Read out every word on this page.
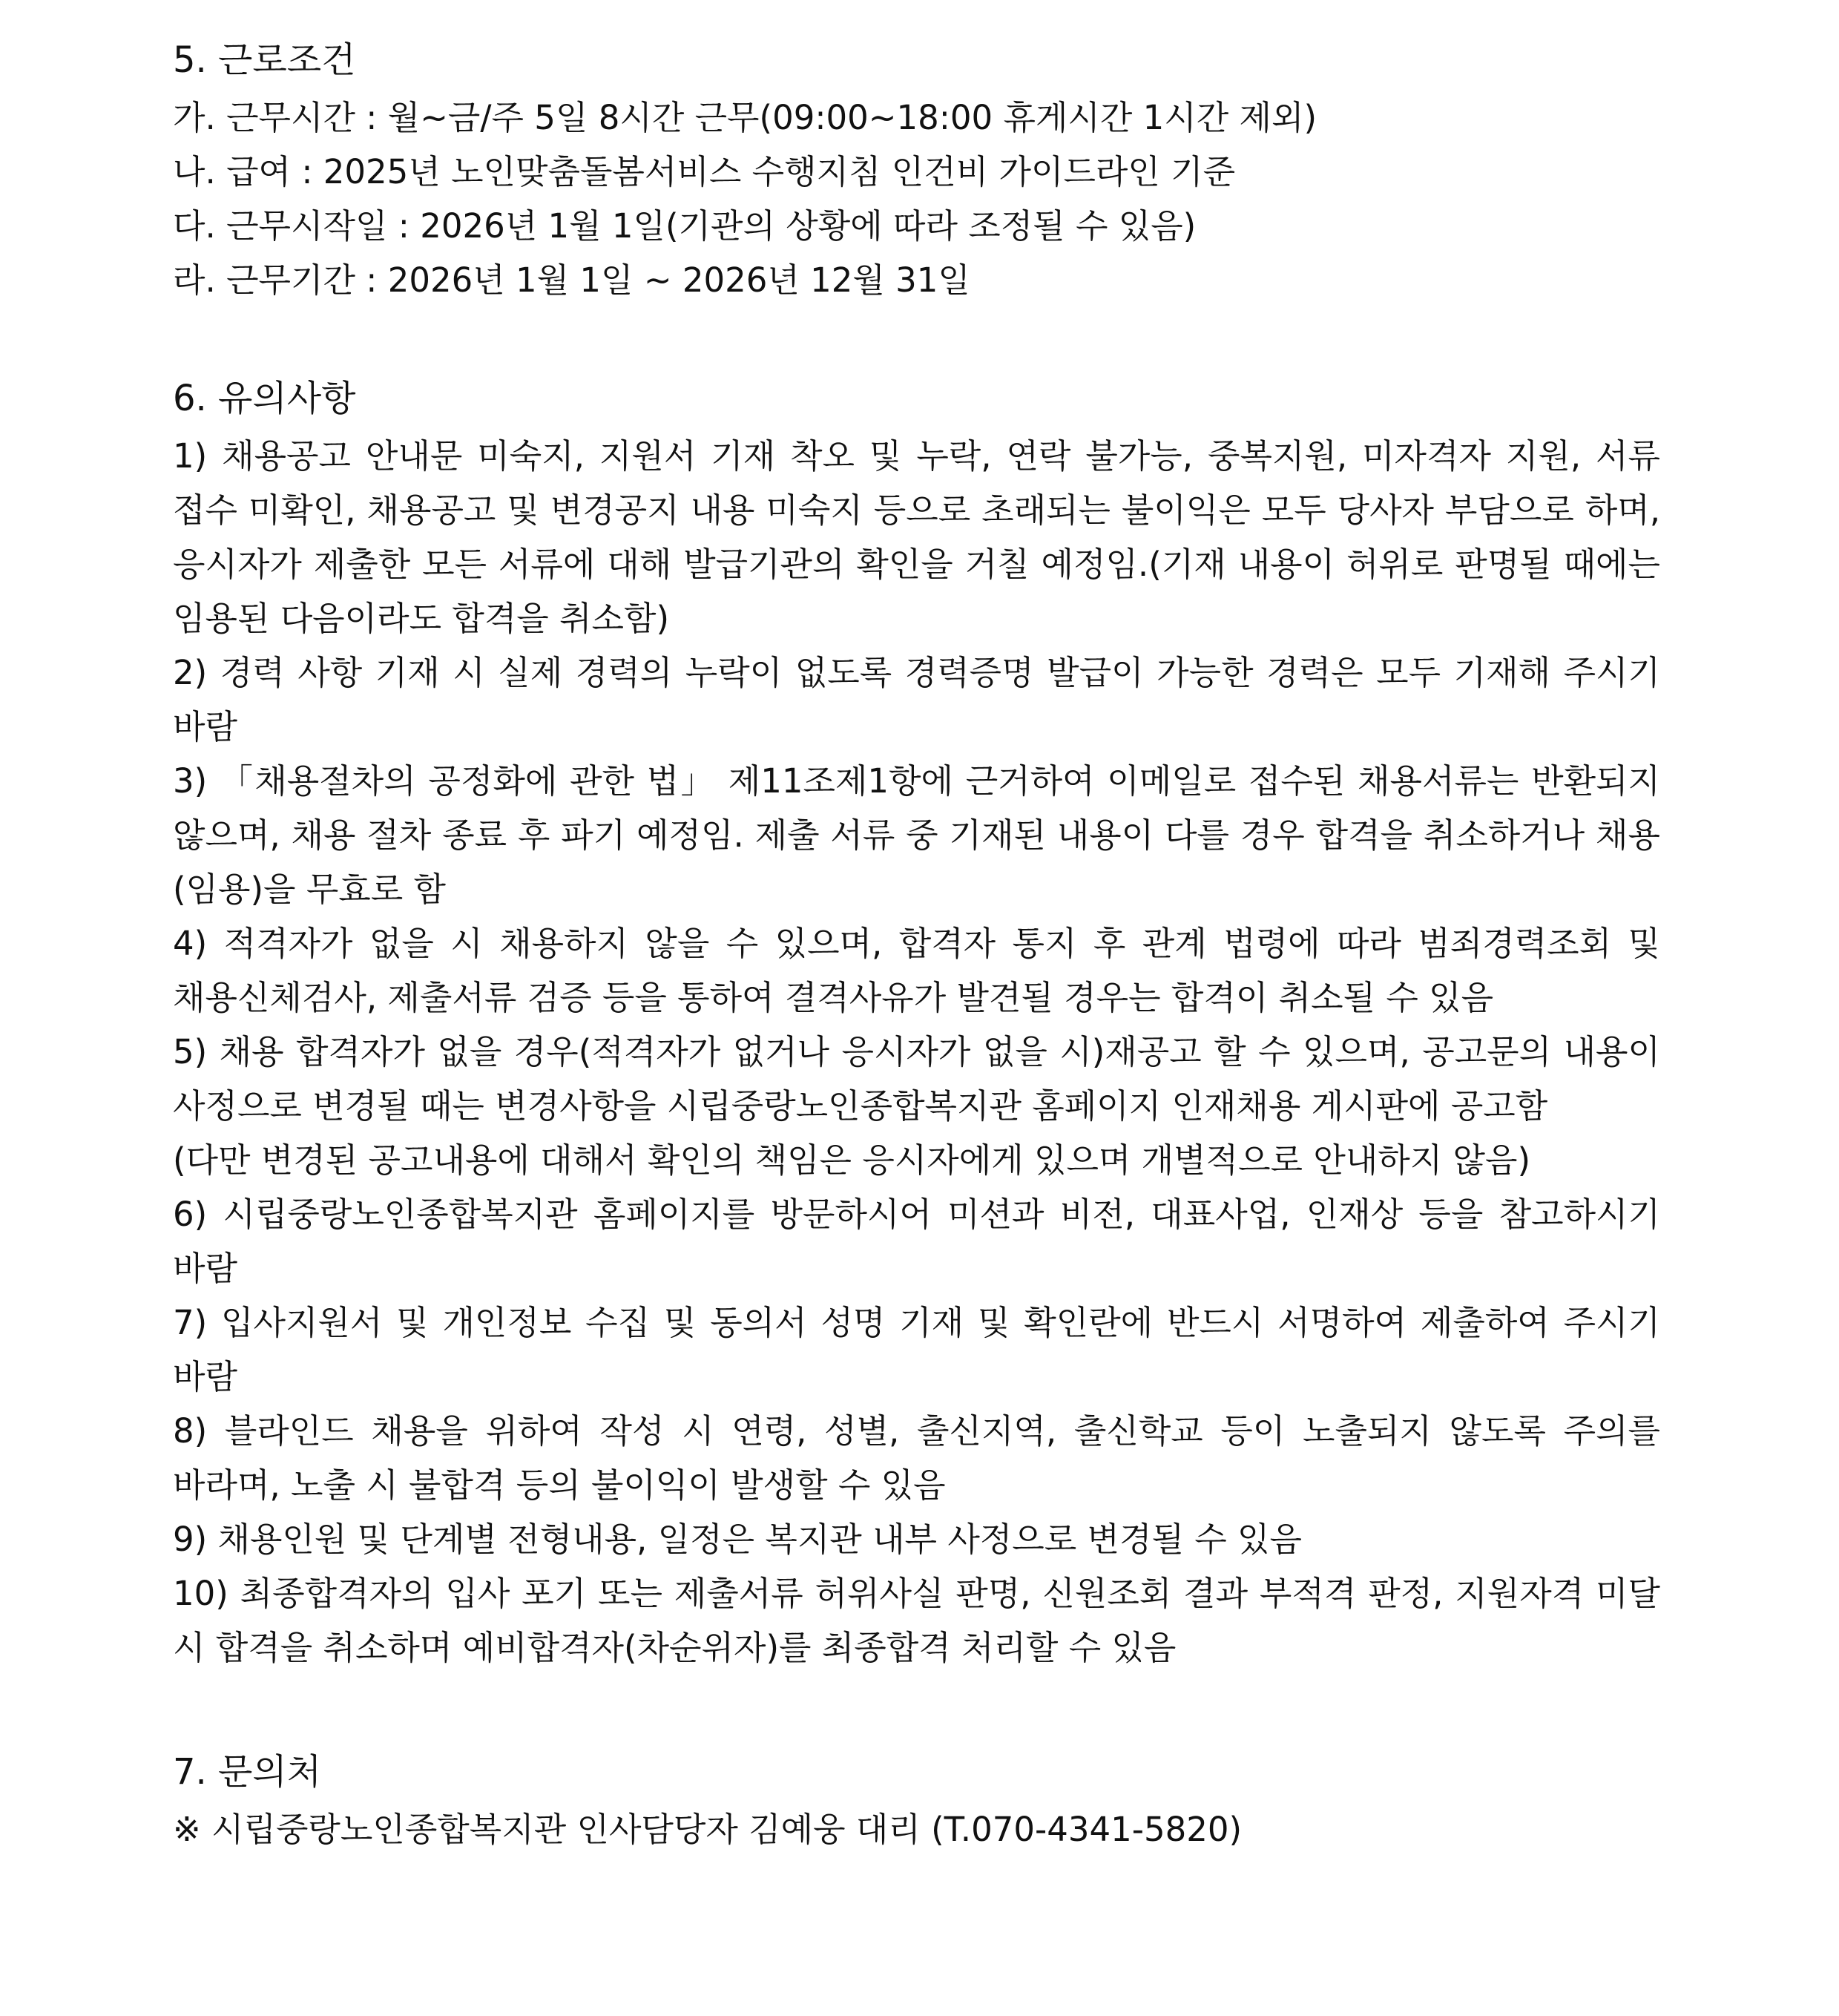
5. 근로조건
가. 근무시간 : 월~금/주 5일 8시간 근무(09:00~18:00 휴게시간 1시간 제외)
나. 급여 : 2025년 노인맞춤돌봄서비스 수행지침 인건비 가이드라인 기준
다. 근무시작일 : 2026년 1월 1일(기관의 상황에 따라 조정될 수 있음)
라. 근무기간 : 2026년 1월 1일 ~ 2026년 12월 31일
6. 유의사항

1) 채용공고 안내문 미숙지, 지원서 기재 착오 및 누락, 연락 불가능, 중복지원, 미자격자 지원, 서류 접수 미확인, 채용공고 및 변경공지 내용 미숙지 등으로 초래되는 불이익은 모두 당사자 부담으로 하며, 응시자가 제출한 모든 서류에 대해 발급기관의 확인을 거칠 예정임.(기재 내용이 허위로 판명될 때에는 임용된 다음이라도 합격을 취소함)

2) 경력 사항 기재 시 실제 경력의 누락이 없도록 경력증명 발급이 가능한 경력은 모두 기재해 주시기 바람

3) 「채용절차의 공정화에 관한 법」 제11조제1항에 근거하여 이메일로 접수된 채용서류는 반환되지 않으며, 채용 절차 종료 후 파기 예정임. 제출 서류 중 기재된 내용이 다를 경우 합격을 취소하거나 채용(임용)을 무효로 함

4) 적격자가 없을 시 채용하지 않을 수 있으며, 합격자 통지 후 관계 법령에 따라 범죄경력조회 및 채용신체검사, 제출서류 검증 등을 통하여 결격사유가 발견될 경우는 합격이 취소될 수 있음

5) 채용 합격자가 없을 경우(적격자가 없거나 응시자가 없을 시)재공고 할 수 있으며, 공고문의 내용이 사정으로 변경될 때는 변경사항을 시립중랑노인종합복지관 홈페이지 인재채용 게시판에 공고함

(다만 변경된 공고내용에 대해서 확인의 책임은 응시자에게 있으며 개별적으로 안내하지 않음)

6) 시립중랑노인종합복지관 홈페이지를 방문하시어 미션과 비전, 대표사업, 인재상 등을 참고하시기 바람

7) 입사지원서 및 개인정보 수집 및 동의서 성명 기재 및 확인란에 반드시 서명하여 제출하여 주시기 바람

8) 블라인드 채용을 위하여 작성 시 연령, 성별, 출신지역, 출신학교 등이 노출되지 않도록 주의를 바라며, 노출 시 불합격 등의 불이익이 발생할 수 있음

9) 채용인원 및 단계별 전형내용, 일정은 복지관 내부 사정으로 변경될 수 있음

10) 최종합격자의 입사 포기 또는 제출서류 허위사실 판명, 신원조회 결과 부적격 판정, 지원자격 미달 시 합격을 취소하며 예비합격자(차순위자)를 최종합격 처리할 수 있음

7. 문의처
※ 시립중랑노인종합복지관 인사담당자 김예웅 대리 (T.070-4341-5820)
